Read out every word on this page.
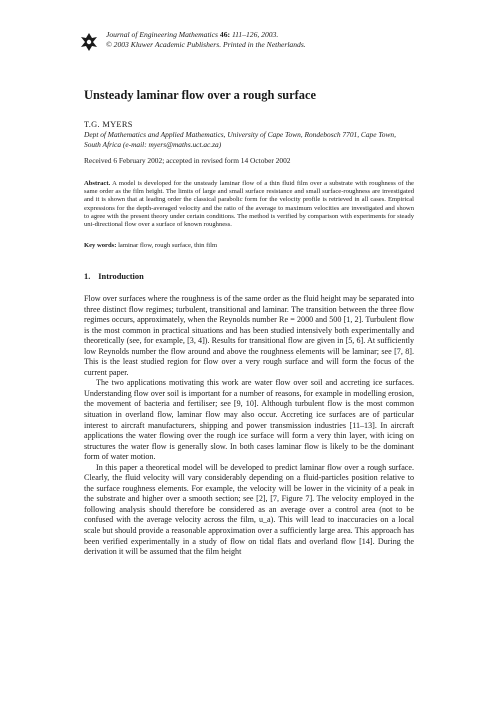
Journal of Engineering Mathematics 46: 111–126, 2003.
© 2003 Kluwer Academic Publishers. Printed in the Netherlands.
Unsteady laminar flow over a rough surface
T.G. MYERS
Dept of Mathematics and Applied Mathematics, University of Cape Town, Rondebosch 7701, Cape Town, South Africa (e-mail: myers@maths.uct.ac.za)
Received 6 February 2002; accepted in revised form 14 October 2002
Abstract. A model is developed for the unsteady laminar flow of a thin fluid film over a substrate with roughness of the same order as the film height. The limits of large and small surface resistance and small surface-roughness are investigated and it is shown that at leading order the classical parabolic form for the velocity profile is retrieved in all cases. Empirical expressions for the depth-averaged velocity and the ratio of the average to maximum velocities are investigated and shown to agree with the present theory under certain conditions. The method is verified by comparison with experiments for steady uni-directional flow over a surface of known roughness.
Key words: laminar flow, rough surface, thin film
1. Introduction

Flow over surfaces where the roughness is of the same order as the fluid height may be separated into three distinct flow regimes; turbulent, transitional and laminar. The transition between the three flow regimes occurs, approximately, when the Reynolds number Re = 2000 and 500 [1, 2]. Turbulent flow is the most common in practical situations and has been studied intensively both experimentally and theoretically (see, for example, [3, 4]). Results for transitional flow are given in [5, 6]. At sufficiently low Reynolds number the flow around and above the roughness elements will be laminar; see [7, 8]. This is the least studied region for flow over a very rough surface and will form the focus of the current paper.

The two applications motivating this work are water flow over soil and accreting ice surfaces. Understanding flow over soil is important for a number of reasons, for example in modelling erosion, the movement of bacteria and fertiliser; see [9, 10]. Although turbulent flow is the most common situation in overland flow, laminar flow may also occur. Accreting ice surfaces are of particular interest to aircraft manufacturers, shipping and power transmission industries [11–13]. In aircraft applications the water flowing over the rough ice surface will form a very thin layer, with icing on structures the water flow is generally slow. In both cases laminar flow is likely to be the dominant form of water motion.

In this paper a theoretical model will be developed to predict laminar flow over a rough surface. Clearly, the fluid velocity will vary considerably depending on a fluid-particles position relative to the surface roughness elements. For example, the velocity will be lower in the vicinity of a peak in the substrate and higher over a smooth section; see [2], [7, Figure 7]. The velocity employed in the following analysis should therefore be considered as an average over a control area (not to be confused with the average velocity across the film, u_a). This will lead to inaccuracies on a local scale but should provide a reasonable approximation over a sufficiently large area. This approach has been verified experimentally in a study of flow on tidal flats and overland flow [14]. During the derivation it will be assumed that the film height
